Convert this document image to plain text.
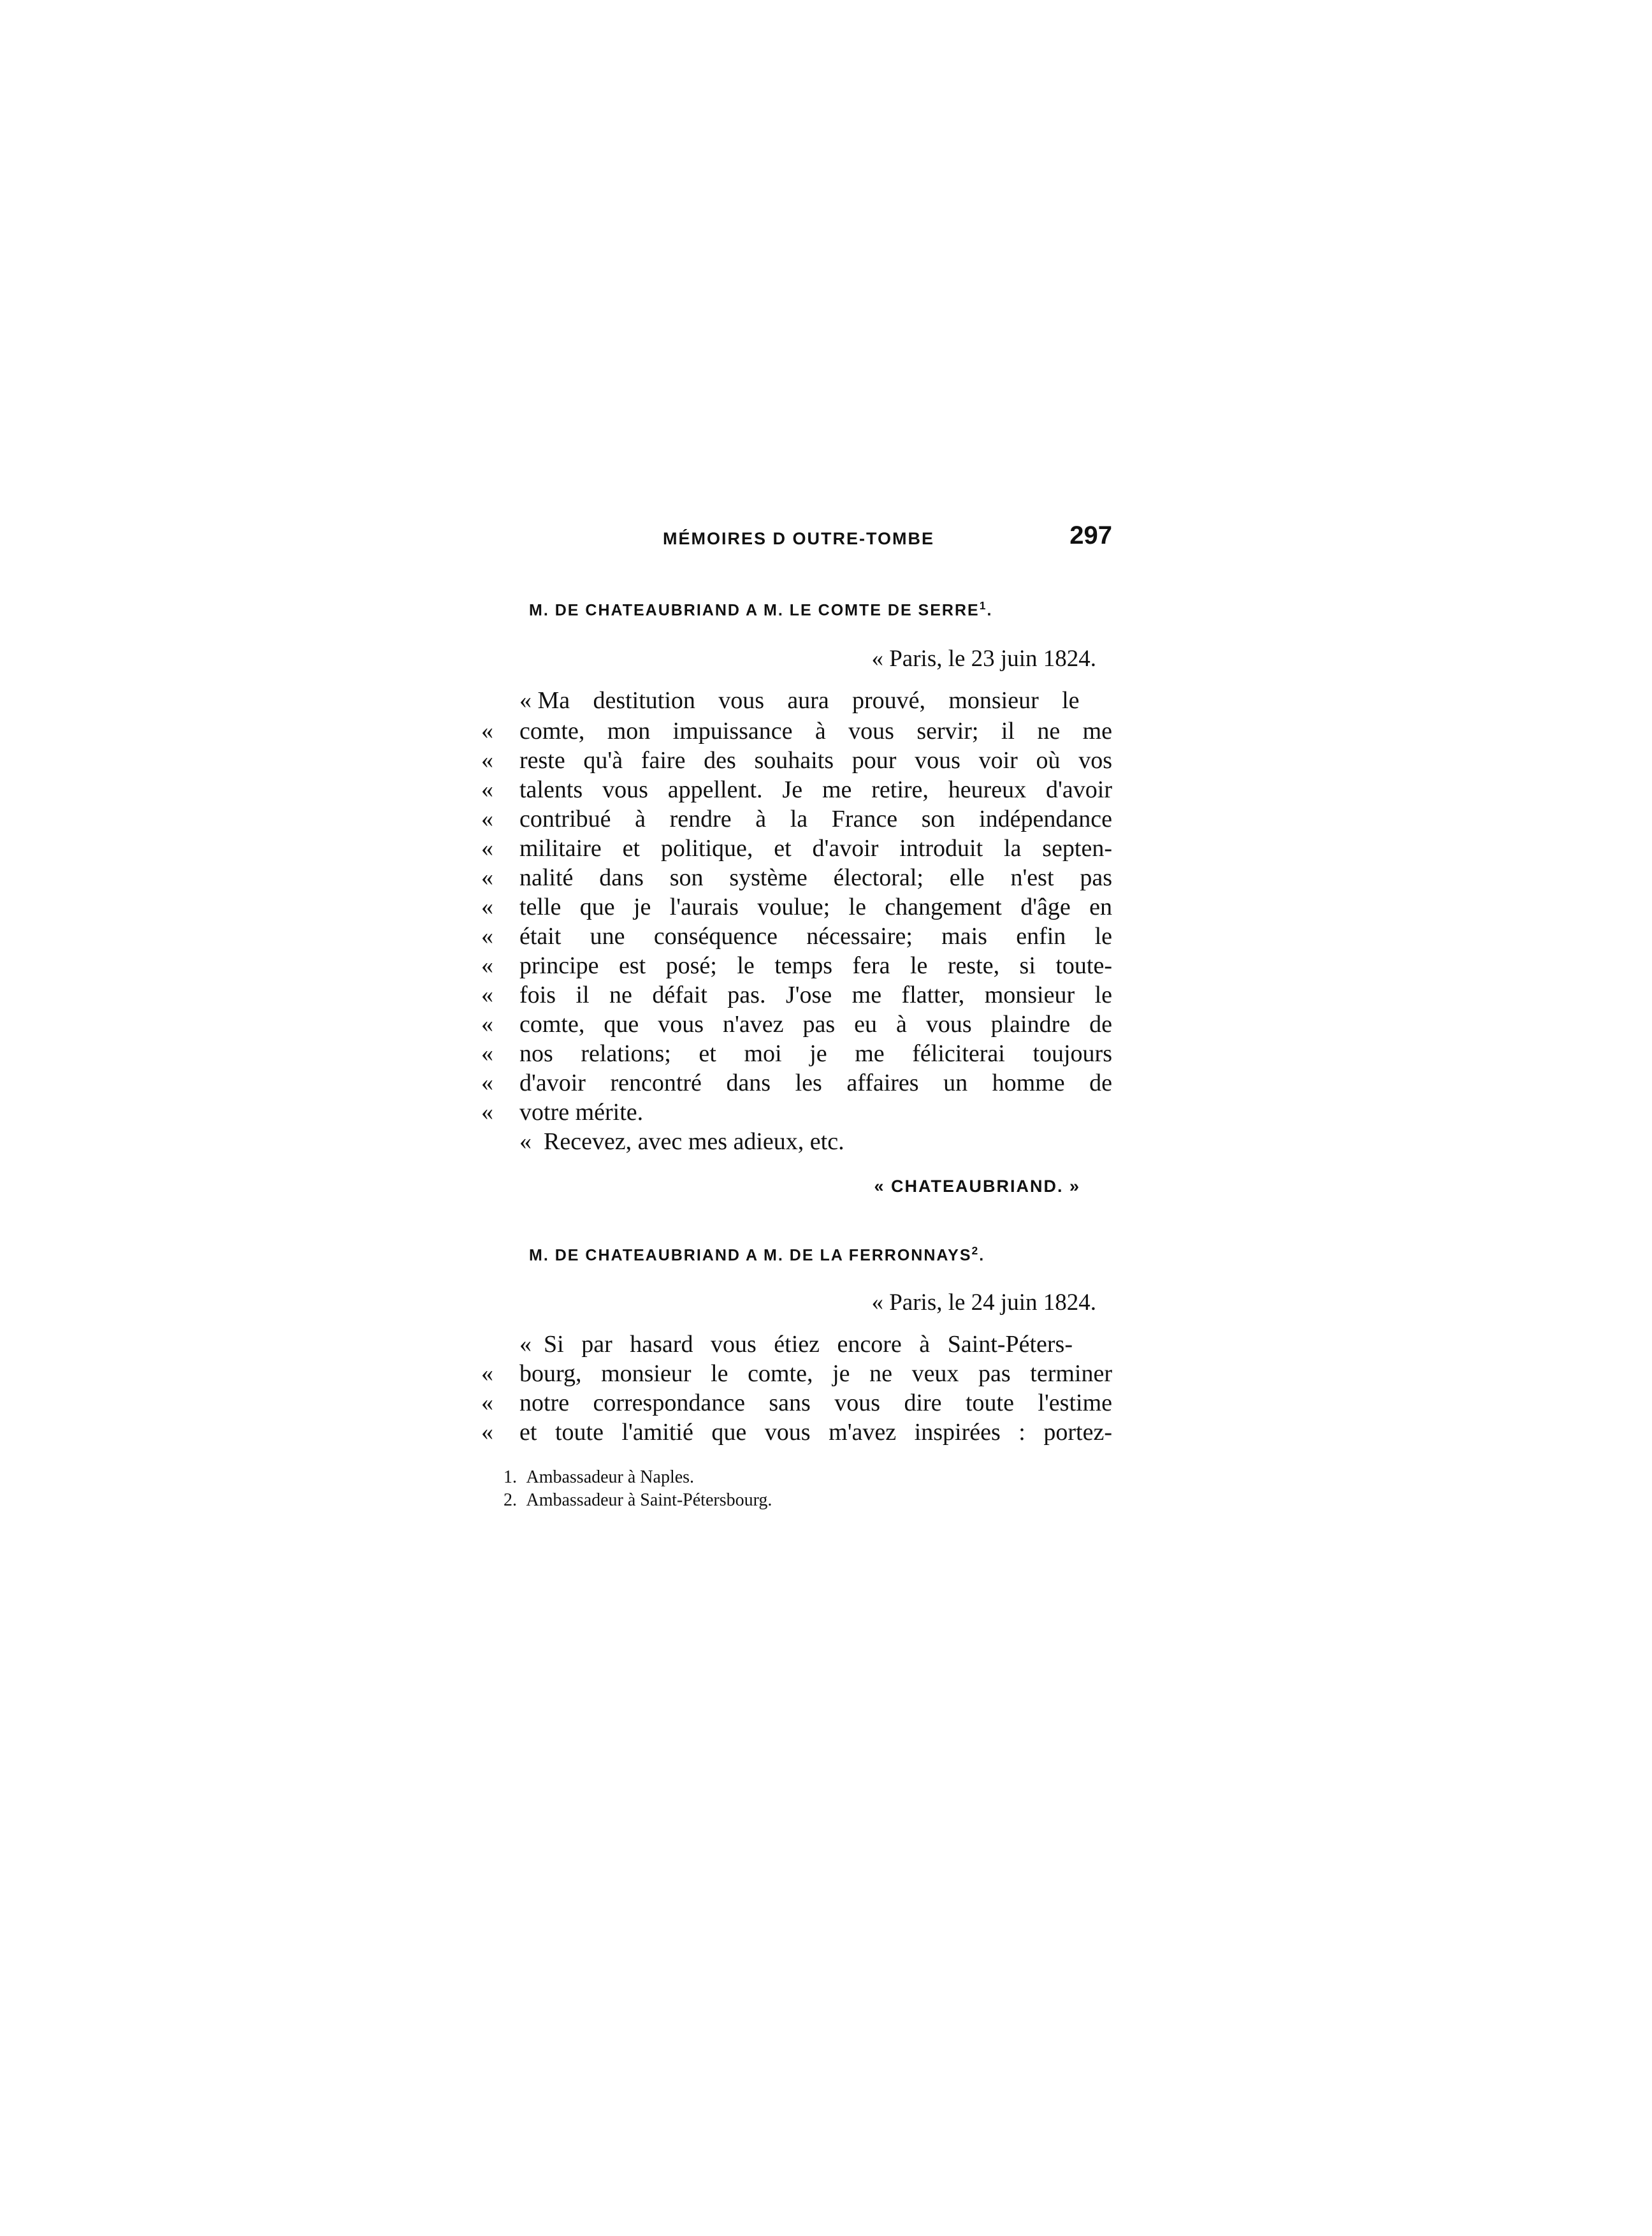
MÉMOIRES D OUTRE-TOMBE	297
M. DE CHATEAUBRIAND A M. LE COMTE DE SERRE$^1$.
« Paris, le 23 juin 1824.
« Ma destitution vous aura prouvé, monsieur le
« comte, mon impuissance à vous servir; il ne me
« reste qu'à faire des souhaits pour vous voir où vos
« talents vous appellent. Je me retire, heureux d'avoir
« contribué à rendre à la France son indépendance
« militaire et politique, et d'avoir introduit la septen-
« nalité dans son système électoral; elle n'est pas
« telle que je l'aurais voulue; le changement d'âge en
« était une conséquence nécessaire; mais enfin le
« principe est posé; le temps fera le reste, si toute-
« fois il ne défait pas. J'ose me flatter, monsieur le
« comte, que vous n'avez pas eu à vous plaindre de
« nos relations; et moi je me féliciterai toujours
« d'avoir rencontré dans les affaires un homme de
« votre mérite.
« Recevez, avec mes adieux, etc.
« CHATEAUBRIAND. »
M. DE CHATEAUBRIAND A M. DE LA FERRONNAYS$^2$.
« Paris, le 24 juin 1824.
« Si par hasard vous étiez encore à Saint-Péters-
« bourg, monsieur le comte, je ne veux pas terminer
« notre correspondance sans vous dire toute l'estime
« et toute l'amitié que vous m'avez inspirées : portez-
1. Ambassadeur à Naples.
2. Ambassadeur à Saint-Pétersbourg.
